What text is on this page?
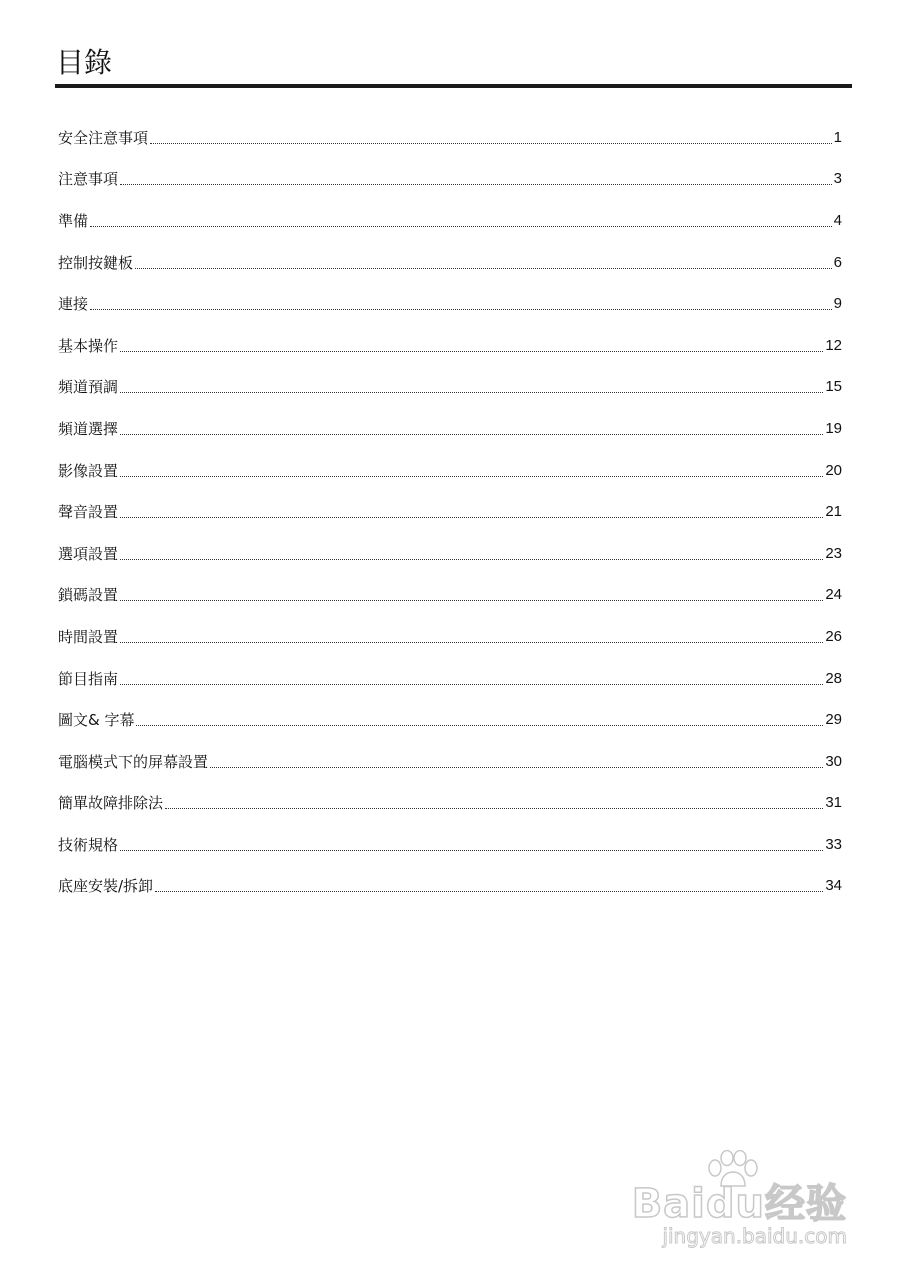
目錄
安全注意事項	1
注意事項	3
準備	4
控制按鍵板	6
連接	9
基本操作	12
頻道預調	15
頻道選擇	19
影像設置	20
聲音設置	21
選項設置	23
鎖碼設置	24
時間設置	26
節目指南	28
圖文& 字幕	29
電腦模式下的屏幕設置	30
簡單故障排除法	31
技術規格	33
底座安裝/拆卸	34
Baidu经验
jingyan.baidu.com
